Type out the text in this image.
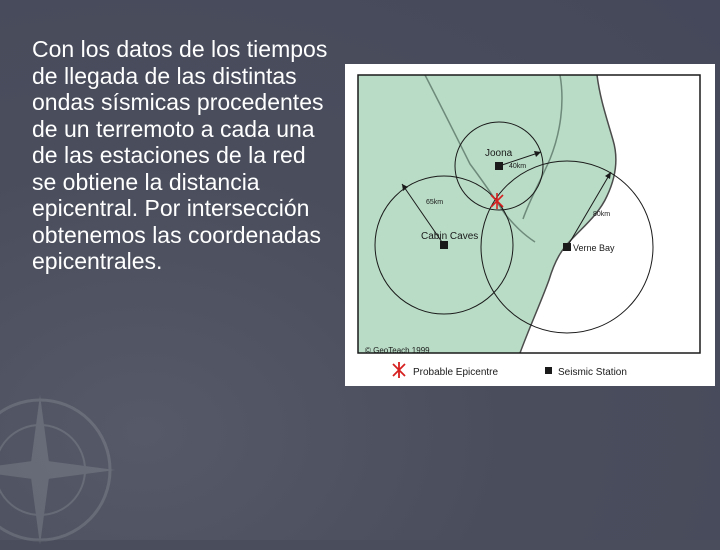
Con los datos de los tiempos de llegada de las distintas ondas sísmicas procedentes de un terremoto a cada una de las estaciones de la red se obtiene la distancia epicentral. Por intersección obtenemos las coordenadas epicentrales.

Joona
40km
Cabin Caves
65km
Verne Bay
80km
© GeoTeach 1999
Probable Epicentre	Seismic Station
